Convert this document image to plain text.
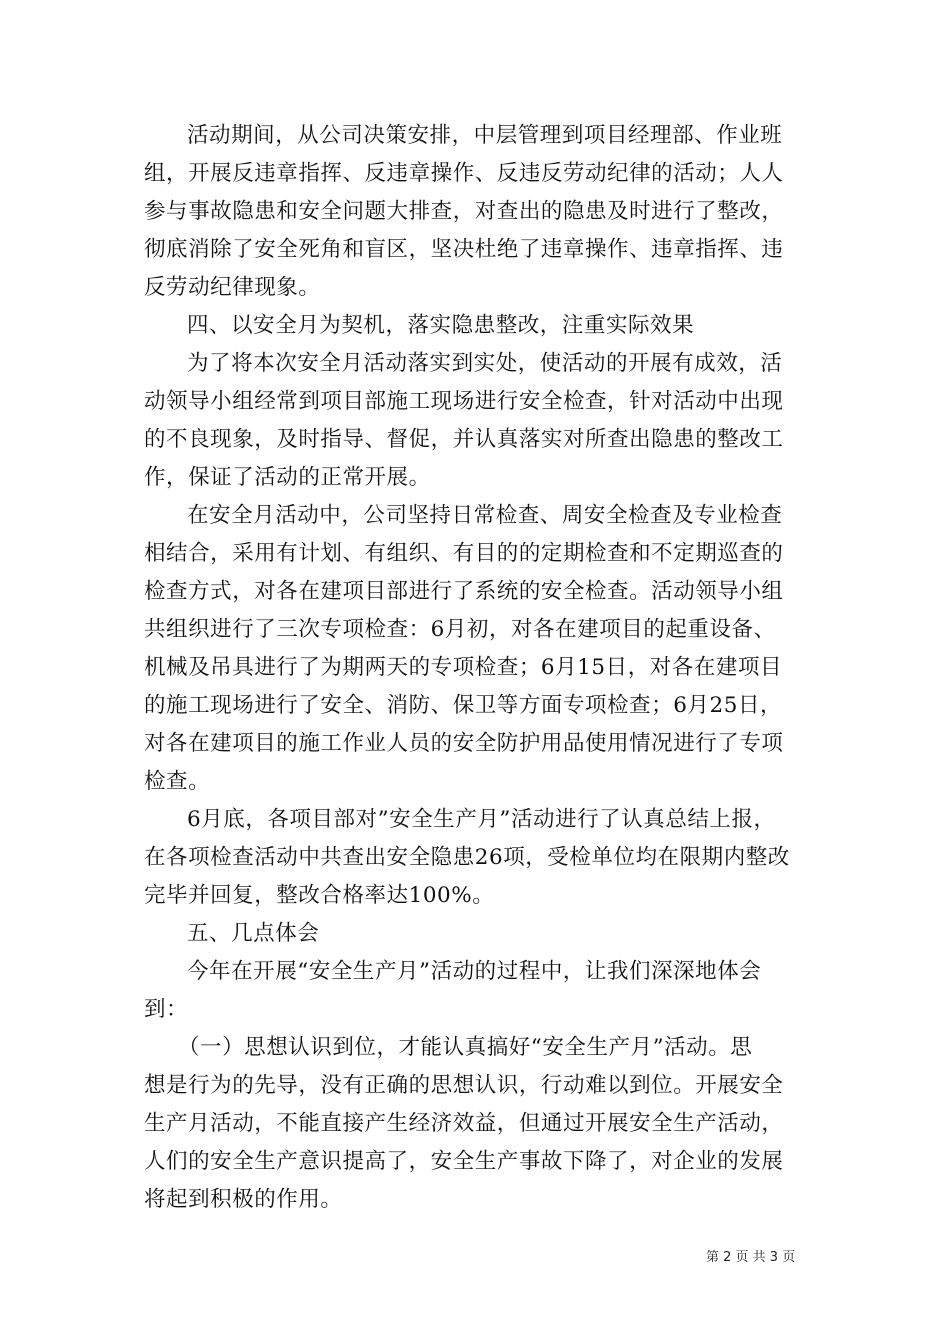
活动期间，从公司决策安排，中层管理到项目经理部、作业班
组，开展反违章指挥、反违章操作、反违反劳动纪律的活动；人人
参与事故隐患和安全问题大排查，对查出的隐患及时进行了整改，
彻底消除了安全死角和盲区，坚决杜绝了违章操作、违章指挥、违
反劳动纪律现象。
四、以安全月为契机，落实隐患整改，注重实际效果
为了将本次安全月活动落实到实处，使活动的开展有成效，活
动领导小组经常到项目部施工现场进行安全检查，针对活动中出现
的不良现象，及时指导、督促，并认真落实对所查出隐患的整改工
作，保证了活动的正常开展。
在安全月活动中，公司坚持日常检查、周安全检查及专业检查
相结合，采用有计划、有组织、有目的的定期检查和不定期巡查的
检查方式，对各在建项目部进行了系统的安全检查。活动领导小组
共组织进行了三次专项检查：6月初，对各在建项目的起重设备、
机械及吊具进行了为期两天的专项检查；6月15日，对各在建项目
的施工现场进行了安全、消防、保卫等方面专项检查；6月25日，
对各在建项目的施工作业人员的安全防护用品使用情况进行了专项
检查。
6月底，各项目部对”安全生产月”活动进行了认真总结上报，
在各项检查活动中共查出安全隐患26项，受检单位均在限期内整改
完毕并回复，整改合格率达100%。
五、几点体会
今年在开展“安全生产月”活动的过程中，让我们深深地体会
到：
（一）思想认识到位，才能认真搞好“安全生产月”活动。思
想是行为的先导，没有正确的思想认识，行动难以到位。开展安全
生产月活动，不能直接产生经济效益，但通过开展安全生产活动，
人们的安全生产意识提高了，安全生产事故下降了，对企业的发展
将起到积极的作用。
第 2 页 共 3 页
